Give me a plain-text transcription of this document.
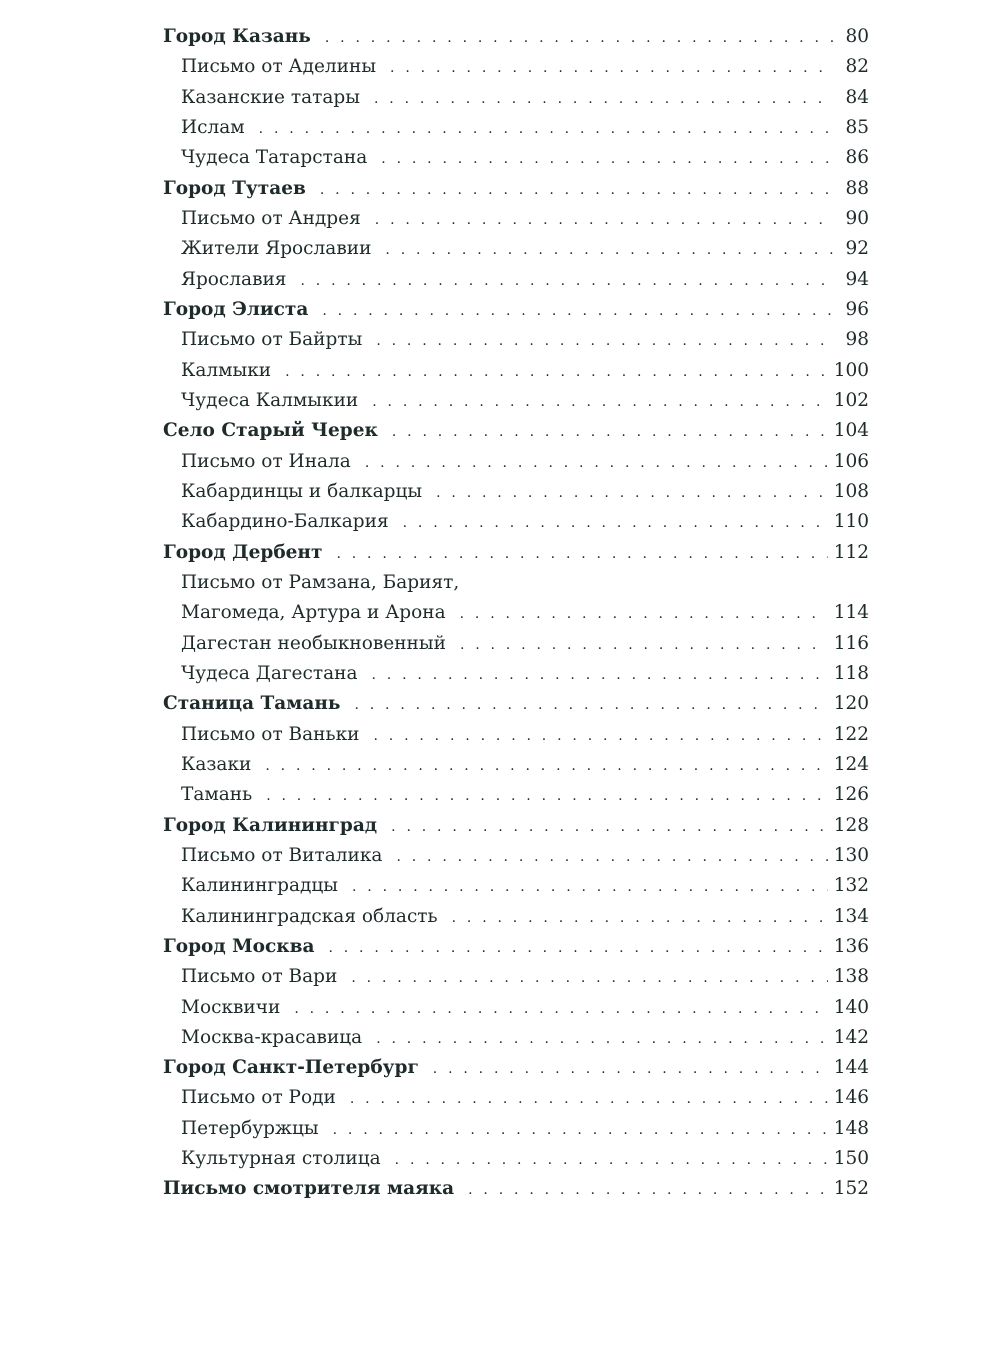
Город Казань . . .	80
Письмо от Аделины . . .	82
Казанские татары . . .	84
Ислам . . .	85
Чудеса Татарстана . . .	86
Город Тутаев . . .	88
Письмо от Андрея . . .	90
Жители Ярославии . . .	92
Ярославия . . .	94
Город Элиста . . .	96
Письмо от Байрты . . .	98
Калмыки . . .	100
Чудеса Калмыкии . . .	102
Село Старый Черек . . .	104
Письмо от Инала . . .	106
Кабардинцы и балкарцы . . .	108
Кабардино-Балкария . . .	110
Город Дербент . . .	112
Письмо от Рамзана, Барият,
Магомеда, Артура и Арона . . .	114
Дагестан необыкновенный . . .	116
Чудеса Дагестана . . .	118
Станица Тамань . . .	120
Письмо от Ваньки . . .	122
Казаки . . .	124
Тамань . . .	126
Город Калининград . . .	128
Письмо от Виталика . . .	130
Калининградцы . . .	132
Калининградская область . . .	134
Город Москва . . .	136
Письмо от Вари . . .	138
Москвичи . . .	140
Москва-красавица . . .	142
Город Санкт-Петербург . . .	144
Письмо от Роди . . .	146
Петербуржцы . . .	148
Культурная столица . . .	150
Письмо смотрителя маяка . . .	152
